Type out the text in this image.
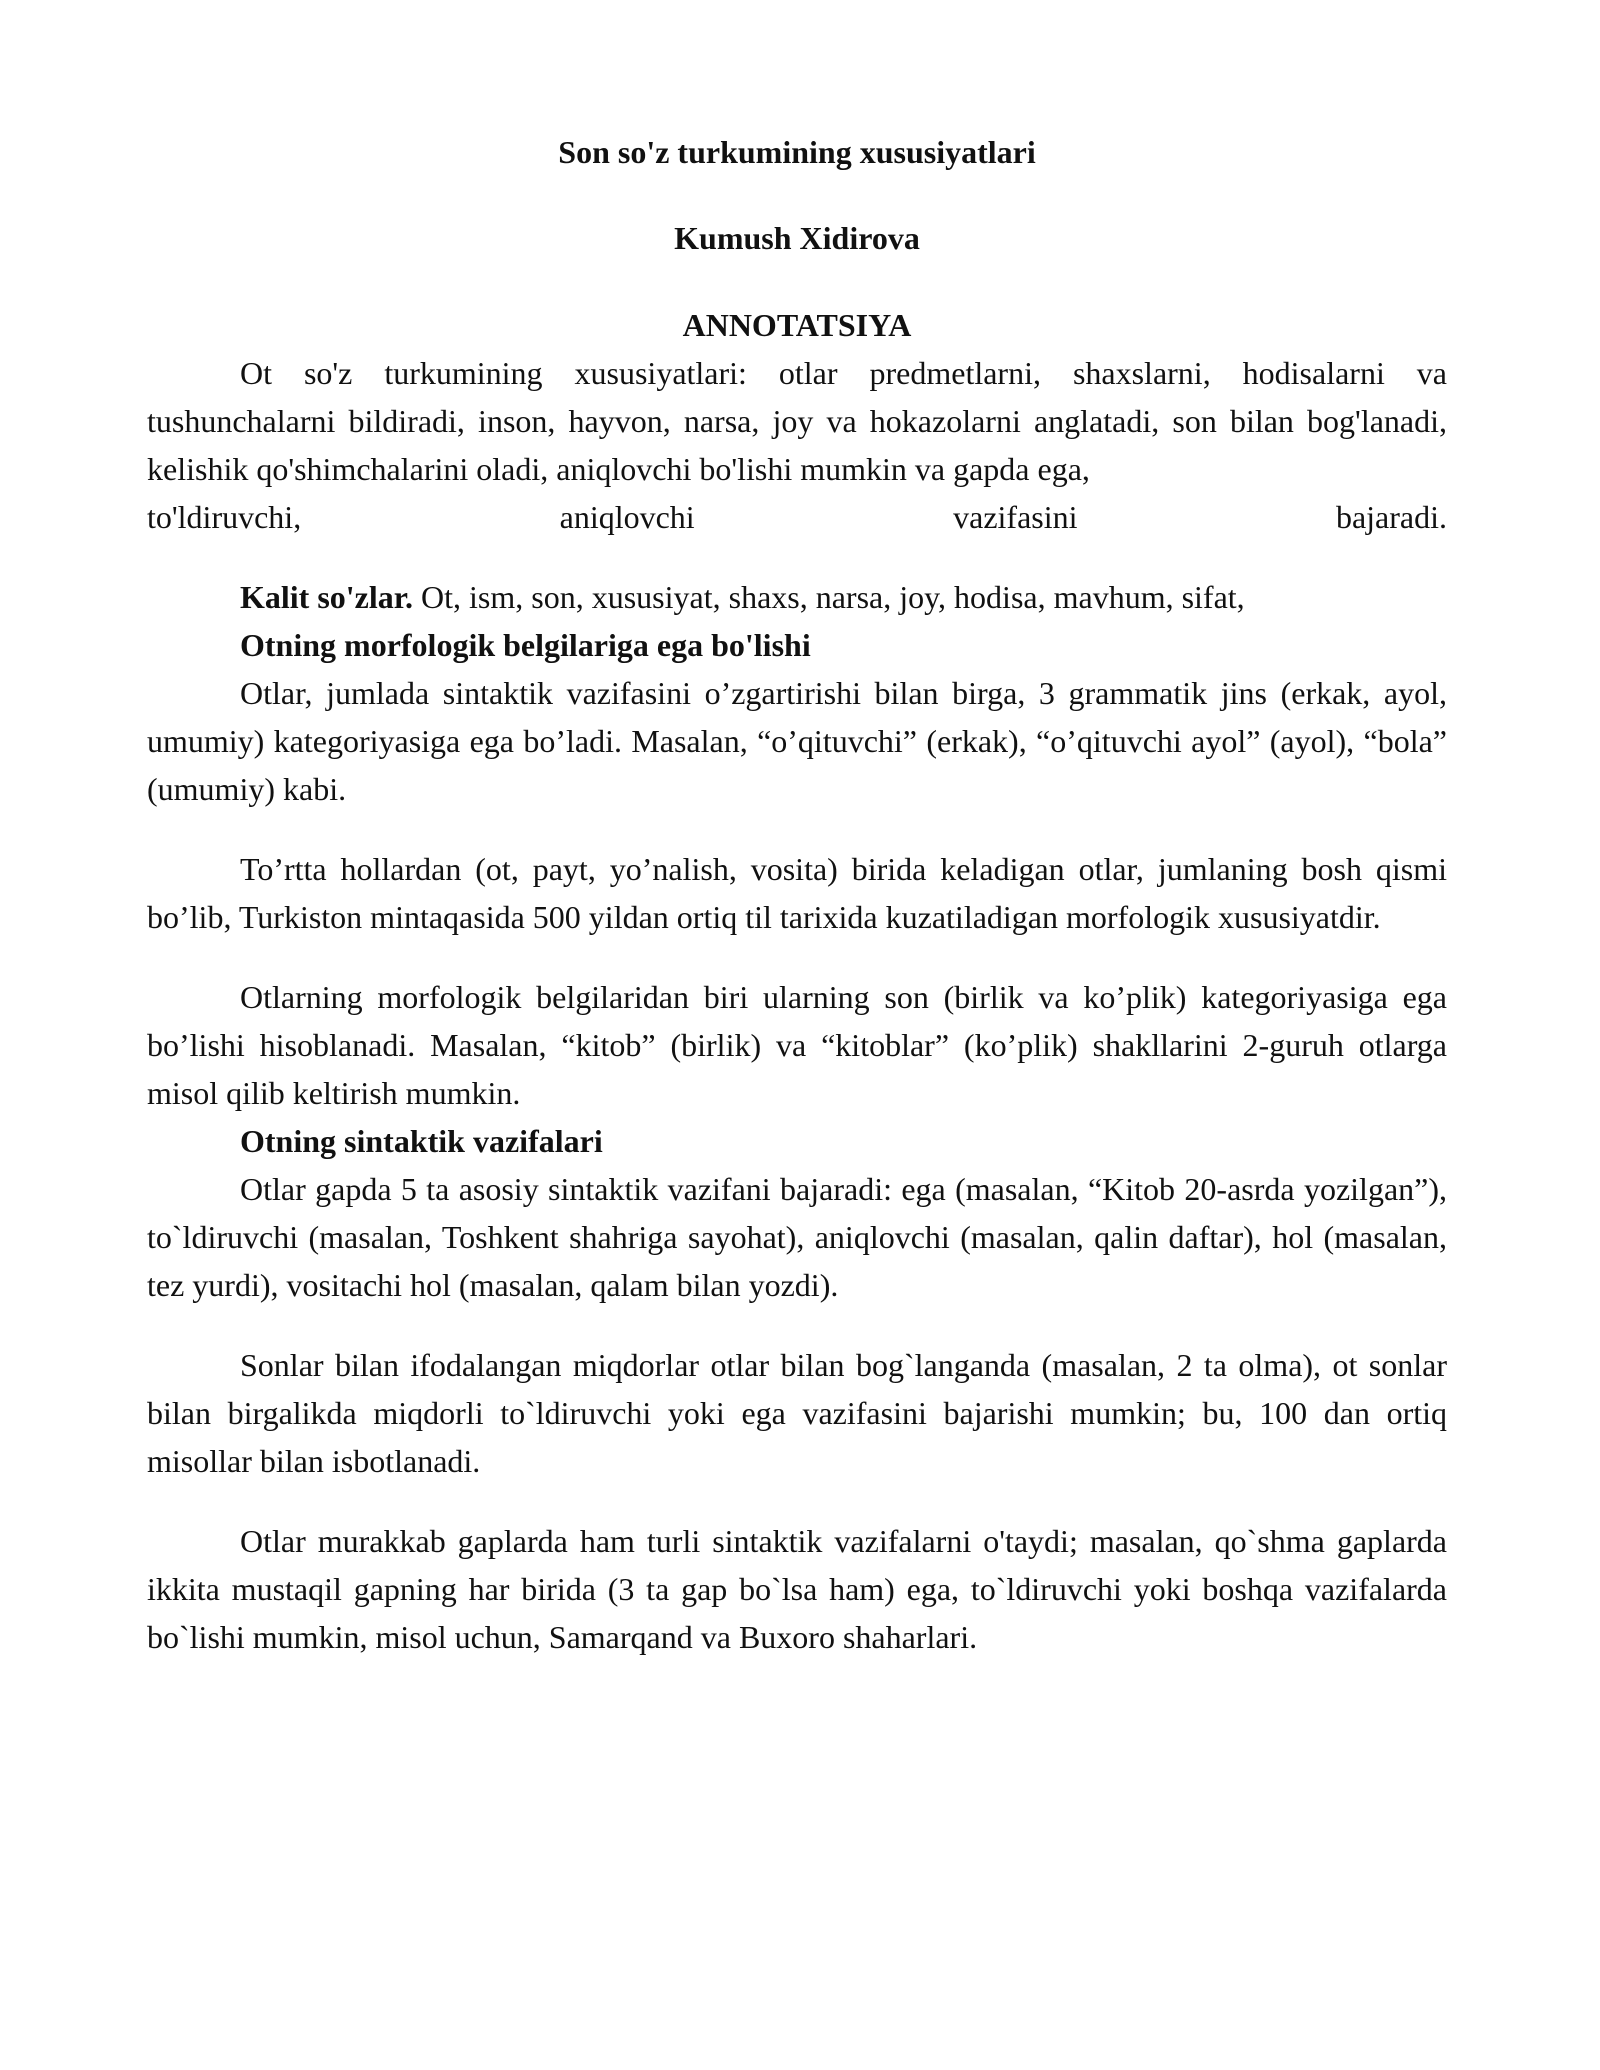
Son so'z turkumining xususiyatlari
Kumush Xidirova
ANNOTATSIYA

Ot so'z turkumining xususiyatlari: otlar predmetlarni, shaxslarni, hodisalarni va tushunchalarni bildiradi, inson, hayvon, narsa, joy va hokazolarni anglatadi, son bilan bog'lanadi, kelishik qo'shimchalarini oladi, aniqlovchi bo'lishi mumkin va gapda ega,

to'ldiruvchi, aniqlovchi vazifasini bajaradi.

Kalit so'zlar. Ot, ism, son, xususiyat, shaxs, narsa, joy, hodisa, mavhum, sifat,

Otning morfologik belgilariga ega bo'lishi

Otlar, jumlada sintaktik vazifasini o’zgartirishi bilan birga, 3 grammatik jins (erkak, ayol, umumiy) kategoriyasiga ega bo’ladi. Masalan, “o’qituvchi” (erkak), “o’qituvchi ayol” (ayol), “bola” (umumiy) kabi.

To’rtta hollardan (ot, payt, yo’nalish, vosita) birida keladigan otlar, jumlaning bosh qismi bo’lib, Turkiston mintaqasida 500 yildan ortiq til tarixida kuzatiladigan morfologik xususiyatdir.

Otlarning morfologik belgilaridan biri ularning son (birlik va ko’plik) kategoriyasiga ega bo’lishi hisoblanadi. Masalan, “kitob” (birlik) va “kitoblar” (ko’plik) shakllarini 2-guruh otlarga misol qilib keltirish mumkin.

Otning sintaktik vazifalari

Otlar gapda 5 ta asosiy sintaktik vazifani bajaradi: ega (masalan, “Kitob 20-asrda yozilgan”), to`ldiruvchi (masalan, Toshkent shahriga sayohat), aniqlovchi (masalan, qalin daftar), hol (masalan, tez yurdi), vositachi hol (masalan, qalam bilan yozdi).

Sonlar bilan ifodalangan miqdorlar otlar bilan bog`langanda (masalan, 2 ta olma), ot sonlar bilan birgalikda miqdorli to`ldiruvchi yoki ega vazifasini bajarishi mumkin; bu, 100 dan ortiq misollar bilan isbotlanadi.

Otlar murakkab gaplarda ham turli sintaktik vazifalarni o'taydi; masalan, qo`shma gaplarda ikkita mustaqil gapning har birida (3 ta gap bo`lsa ham) ega, to`ldiruvchi yoki boshqa vazifalarda bo`lishi mumkin, misol uchun, Samarqand va Buxoro shaharlari.
